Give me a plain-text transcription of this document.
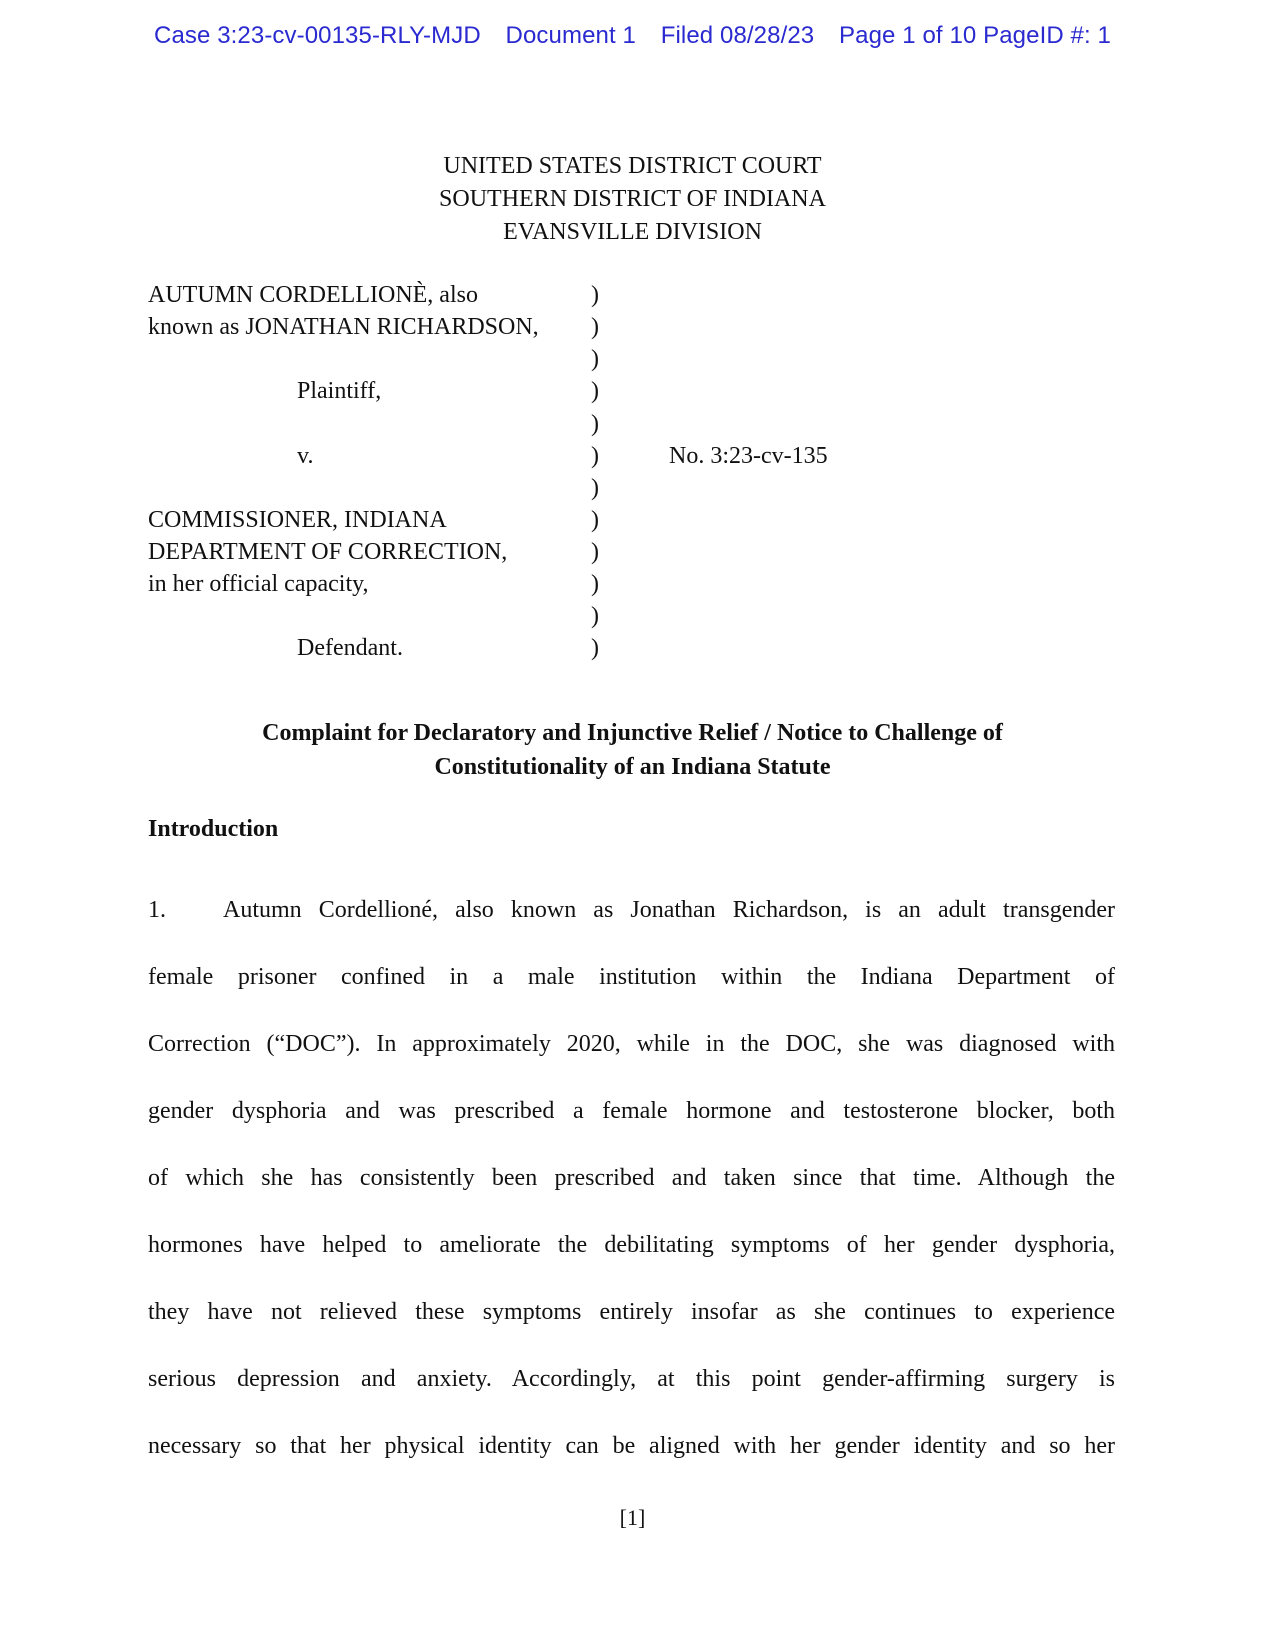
Case 3:23-cv-00135-RLY-MJD Document 1 Filed 08/28/23 Page 1 of 10 PageID #: 1
UNITED STATES DISTRICT COURT
SOUTHERN DISTRICT OF INDIANA
EVANSVILLE DIVISION
AUTUMN CORDELLIONÈ, also
known as JONATHAN RICHARDSON,
Plaintiff,
v.	No. 3:23-cv-135
COMMISSIONER, INDIANA
DEPARTMENT OF CORRECTION,
in her official capacity,
Defendant.
)
)
)
)
)
)
)
)
)
)
)
)
Complaint for Declaratory and Injunctive Relief / Notice to Challenge of
Constitutionality of an Indiana Statute
Introduction
1. Autumn Cordellioné, also known as Jonathan Richardson, is an adult transgender
female prisoner confined in a male institution within the Indiana Department of
Correction (“DOC”). In approximately 2020, while in the DOC, she was diagnosed with
gender dysphoria and was prescribed a female hormone and testosterone blocker, both
of which she has consistently been prescribed and taken since that time. Although the
hormones have helped to ameliorate the debilitating symptoms of her gender dysphoria,
they have not relieved these symptoms entirely insofar as she continues to experience
serious depression and anxiety. Accordingly, at this point gender-affirming surgery is
necessary so that her physical identity can be aligned with her gender identity and so her
[1]
